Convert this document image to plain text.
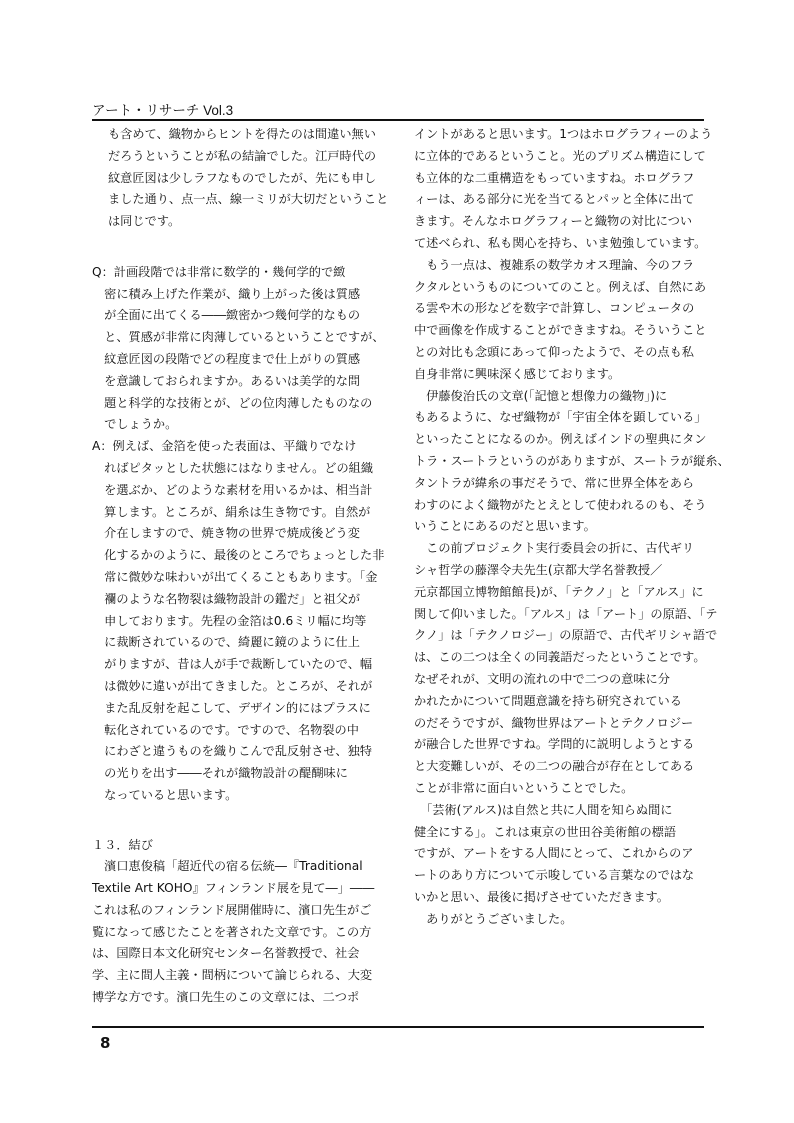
アート・リサーチ Vol.3
も含めて、織物からヒントを得たのは間違い無い
だろうということが私の結論でした。江戸時代の
紋意匠図は少しラフなものでしたが、先にも申し
ました通り、点一点、線一ミリが大切だということ
は同じです。
Q：計画段階では非常に数学的・幾何学的で緻
　密に積み上げた作業が、織り上がった後は質感
　が全面に出てくる――緻密かつ幾何学的なもの
　と、質感が非常に肉薄しているということですが、
　紋意匠図の段階でどの程度まで仕上がりの質感
　を意識しておられますか。あるいは美学的な問
　題と科学的な技術とが、どの位肉薄したものなの
　でしょうか。
A：例えば、金箔を使った表面は、平織りでなけ
　ればピタッとした状態にはなりません。どの組織
　を選ぶか、どのような素材を用いるかは、相当計
　算します。ところが、絹糸は生き物です。自然が
　介在しますので、焼き物の世界で焼成後どう変
　化するかのように、最後のところでちょっとした非
　常に微妙な味わいが出てくることもあります。「金
　襴のような名物裂は織物設計の鑑だ」と祖父が
　申しております。先程の金箔は0.6ミリ幅に均等
　に裁断されているので、綺麗に鏡のように仕上
　がりますが、昔は人が手で裁断していたので、幅
　は微妙に違いが出てきました。ところが、それが
　また乱反射を起こして、デザイン的にはプラスに
　転化されているのです。ですので、名物裂の中
　にわざと違うものを織りこんで乱反射させ、独特
　の光りを出す――それが織物設計の醍醐味に
　なっていると思います。
１３．結び
　濱口恵俊稿「超近代の宿る伝統―『Traditional
Textile Art KOHO』フィンランド展を見て―」――
これは私のフィンランド展開催時に、濱口先生がご
覧になって感じたことを著された文章です。この方
は、国際日本文化研究センター名誉教授で、社会
学、主に間人主義・間柄について論じられる、大変
博学な方です。濱口先生のこの文章には、二つポ
イントがあると思います。1つはホログラフィーのよう
に立体的であるということ。光のプリズム構造にして
も立体的な二重構造をもっていますね。ホログラフ
ィーは、ある部分に光を当てるとパッと全体に出て
きます。そんなホログラフィーと織物の対比につい
て述べられ、私も関心を持ち、いま勉強しています。
　もう一点は、複雑系の数学カオス理論、今のフラ
クタルというものについてのこと。例えば、自然にあ
る雲や木の形などを数字で計算し、コンピュータの
中で画像を作成することができますね。そういうこと
との対比も念頭にあって仰ったようで、その点も私
自身非常に興味深く感じております。
　伊藤俊治氏の文章(「記憶と想像力の織物」)に
もあるように、なぜ織物が「宇宙全体を顕している」
といったことになるのか。例えばインドの聖典にタン
トラ・スートラというのがありますが、スートラが縦糸、
タントラが緯糸の事だそうで、常に世界全体をあら
わすのによく織物がたとえとして使われるのも、そう
いうことにあるのだと思います。
　この前プロジェクト実行委員会の折に、古代ギリ
シャ哲学の藤澤令夫先生(京都大学名誉教授／
元京都国立博物館館長)が、「テクノ」と「アルス」に
関して仰いました。「アルス」は「アート」の原語、「テ
クノ」は「テクノロジー」の原語で、古代ギリシャ語で
は、この二つは全くの同義語だったということです。
なぜそれが、文明の流れの中で二つの意味に分
かれたかについて問題意識を持ち研究されている
のだそうですが、織物世界はアートとテクノロジー
が融合した世界ですね。学問的に説明しようとする
と大変難しいが、その二つの融合が存在としてある
ことが非常に面白いということでした。
　「芸術(アルス)は自然と共に人間を知らぬ間に
健全にする」。これは東京の世田谷美術館の標語
ですが、アートをする人間にとって、これからのア
ートのあり方について示唆している言葉なのではな
いかと思い、最後に掲げさせていただきます。
　ありがとうございました。
8
